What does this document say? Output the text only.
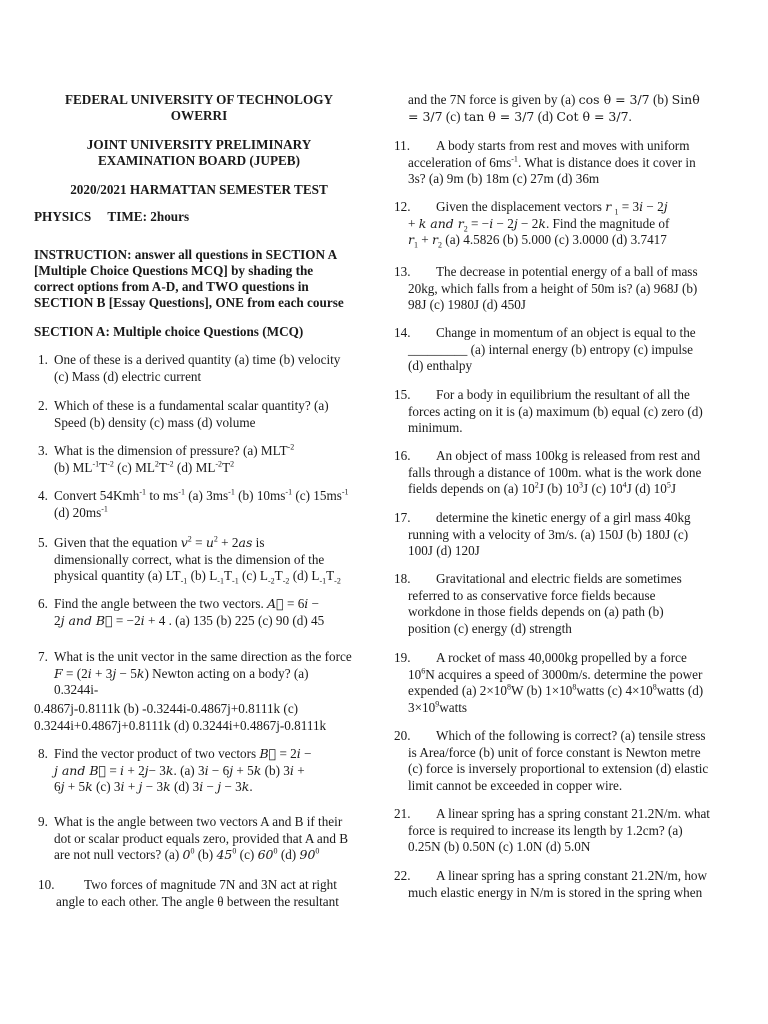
FEDERAL UNIVERSITY OF TECHNOLOGY
OWERRI
JOINT UNIVERSITY PRELIMINARY
EXAMINATION BOARD (JUPEB)
2020/2021 HARMATTAN SEMESTER TEST
PHYSICS TIME: 2hours
INSTRUCTION: answer all questions in SECTION A
[Multiple Choice Questions MCQ] by shading the
correct options from A-D, and TWO questions in
SECTION B [Essay Questions], ONE from each course
SECTION A: Multiple choice Questions (MCQ)
1. One of these is a derived quantity (a) time (b) velocity
(c) Mass (d) electric current
2. Which of these is a fundamental scalar quantity? (a)
Speed (b) density (c) mass (d) volume
3. What is the dimension of pressure? (a) $MLT^{-2}$
(b) $ML^{-1}T^{-2}$ (c) $ML^2T^{-2}$ (d) $ML^{-2}T^2$
4. Convert 54Kmh$^{-1}$ to $ms^{-1}$ (a) $3ms^{-1}$ (b) $10ms^{-1}$ (c) $15ms^{-1}$
(d) $20ms^{-1}$
5. Given that the equation $v^2 = u^2 + 2as$ is
dimensionally correct, what is the dimension of the
physical quantity (a) $LT_{-1}$ (b) $L_{-1}T_{-1}$ (c) $L_{-2}T_{-2}$ (d) $L_{-1}T_{-2}$
6. Find the angle between the two vectors. A⃗ = 6i −
2j and B⃗ = −2i + 4 . (a) 135 (b) 225 (c) 90 (d) 45
7. What is the unit vector in the same direction as the force
F = (2i + 3j − 5k) Newton acting on a body? (a)
0.3244i-
0.4867j-0.8111k (b) -0.3244i-0.4867j+0.8111k (c)
0.3244i+0.4867j+0.8111k (d) 0.3244i+0.4867j-0.8111k
8. Find the vector product of two vectors B⃗ = 2i −
j and B⃗ = i + 2j− 3k. (a) 3i − 6j + 5k (b) 3i +
6j + 5k (c) 3i + j − 3k (d) 3i − j − 3k.
9. What is the angle between two vectors A and B if their
dot or scalar product equals zero, provided that A and B
are not null vectors? (a) $0^0$ (b) $45^0$ (c) $60^0$ (d) $90^0$
10.	Two forces of magnitude 7N and 3N act at right
angle to each other. The angle θ between the resultant
and the 7N force is given by (a) cos θ = 3/7 (b) Sinθ
= 3/7 (c) tan θ = 3/7 (d) Cot θ = 3/7.
11.	A body starts from rest and moves with uniform
acceleration of $6ms^{-1}$. What is distance does it cover in
3s? (a) 9m (b) 18m (c) 27m (d) 36m
12.	Given the displacement vectors r $_1$ = 3i − 2j
+ k and $r_2 = -i - 2j - 2k$. Find the magnitude of
$r_1 + r_2$ (a) 4.5826 (b) 5.000 (c) 3.0000 (d) 3.7417
13.	The decrease in potential energy of a ball of mass
20kg, which falls from a height of 50m is? (a) 968J (b)
98J (c) 1980J (d) 450J
14.	Change in momentum of an object is equal to the
_________ (a) internal energy (b) entropy (c) impulse
(d) enthalpy
15.	For a body in equilibrium the resultant of all the
forces acting on it is (a) maximum (b) equal (c) zero (d)
minimum.
16.	An object of mass 100kg is released from rest and
falls through a distance of 100m. what is the work done
fields depends on (a) $10^2J$ (b) $10^3J$ (c) $10^4J$ (d) $10^5J$
17.	determine the kinetic energy of a girl mass 40kg
running with a velocity of 3m/s. (a) 150J (b) 180J (c)
100J (d) 120J
18.	Gravitational and electric fields are sometimes
referred to as conservative force fields because
workdone in those fields depends on (a) path (b)
position (c) energy (d) strength
19.	A rocket of mass 40,000kg propelled by a force
$10^6N$ acquires a speed of 3000m/s. determine the power
expended (a) $2\times 10^8W$ (b) $1\times 10^8watts$ (c) $4\times 10^8watts$ (d)
$3\times 10^9watts$
20.	Which of the following is correct? (a) tensile stress
is Area/force (b) unit of force constant is Newton metre
(c) force is inversely proportional to extension (d) elastic
limit cannot be exceeded in copper wire.
21.	A linear spring has a spring constant 21.2N/m. what
force is required to increase its length by 1.2cm? (a)
0.25N (b) 0.50N (c) 1.0N (d) 5.0N
22.	A linear spring has a spring constant 21.2N/m, how
much elastic energy in N/m is stored in the spring when
